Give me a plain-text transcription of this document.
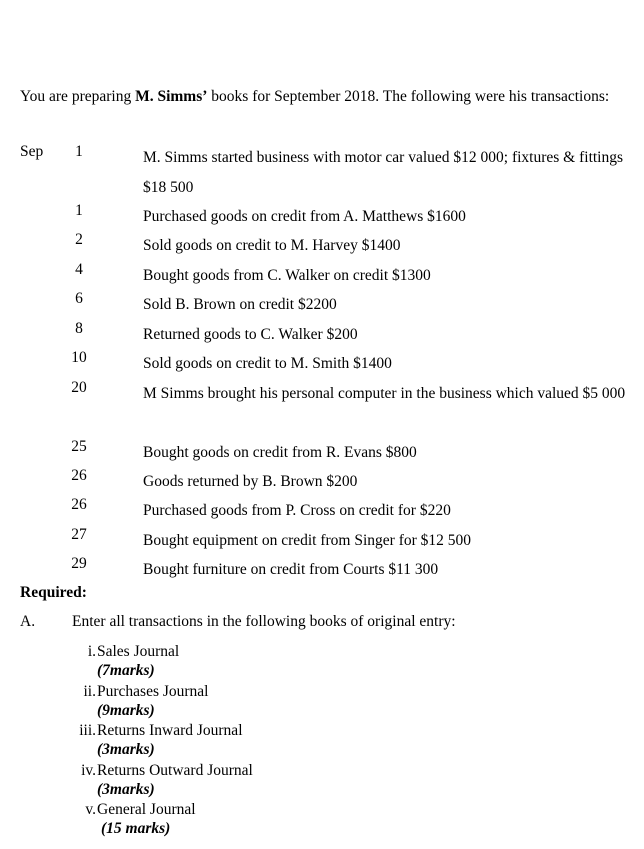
You are preparing M. Simms’ books for September 2018. The following were his transactions:
Sep	1	M. Simms started business with motor car valued $12 000; fixtures & fittings $18 500
1	Purchased goods on credit from A. Matthews $1600
2	Sold goods on credit to M. Harvey $1400
4	Bought goods from C. Walker on credit $1300
6	Sold B. Brown on credit $2200
8	Returned goods to C. Walker $200
10	Sold goods on credit to M. Smith $1400
20	M Simms brought his personal computer in the business which valued $5 000
25	Bought goods on credit from R. Evans $800
26	Goods returned by B. Brown $200
26	Purchased goods from P. Cross on credit for $220
27	Bought equipment on credit from Singer for $12 500
29	Bought furniture on credit from Courts $11 300
Required:
A. Enter all transactions in the following books of original entry:
i. Sales Journal
(7marks)
ii. Purchases Journal
(9marks)
iii. Returns Inward Journal
(3marks)
iv. Returns Outward Journal
(3marks)
v. General Journal
(15 marks)
